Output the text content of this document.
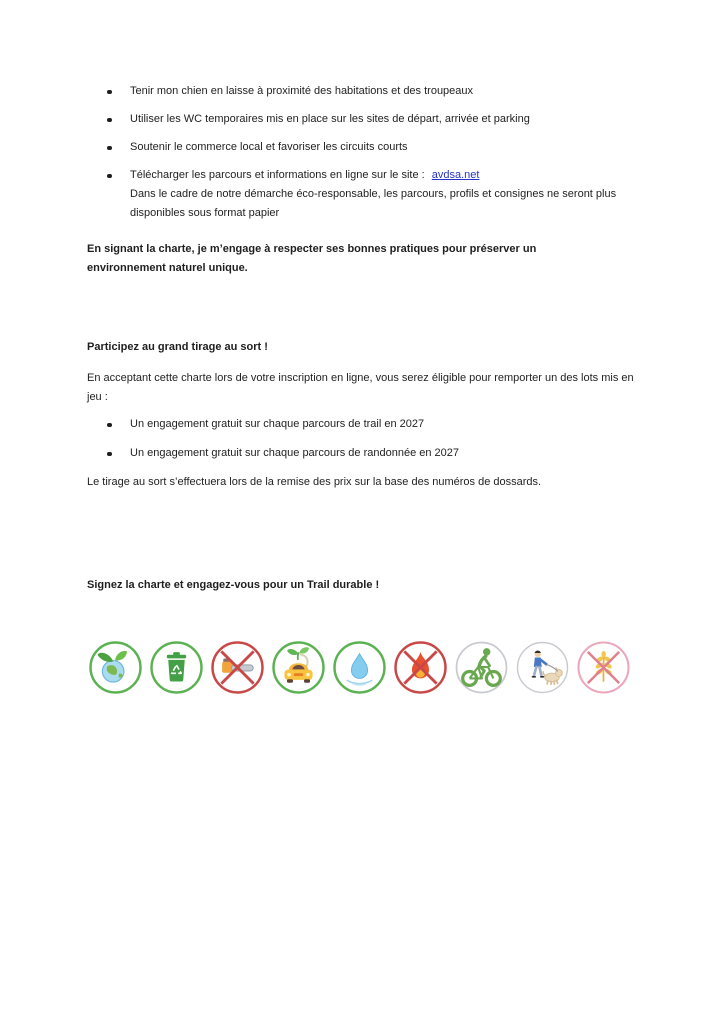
Tenir mon chien en laisse à proximité des habitations et des troupeaux
Utiliser les WC temporaires mis en place sur les sites de départ, arrivée et parking
Soutenir le commerce local et favoriser les circuits courts
Télécharger les parcours et informations en ligne sur le site : avdsa.net
Dans le cadre de notre démarche éco-responsable, les parcours, profils et consignes ne seront plus disponibles sous format papier

En signant la charte, je m’engage à respecter ses bonnes pratiques pour préserver un environnement naturel unique.

Participez au grand tirage au sort !

En acceptant cette charte lors de votre inscription en ligne, vous serez éligible pour remporter un des lots mis en jeu :

Un engagement gratuit sur chaque parcours de trail en 2027
Un engagement gratuit sur chaque parcours de randonnée en 2027

Le tirage au sort s’effectuera lors de la remise des prix sur la base des numéros de dossards.

Signez la charte et engagez-vous pour un Trail durable !
